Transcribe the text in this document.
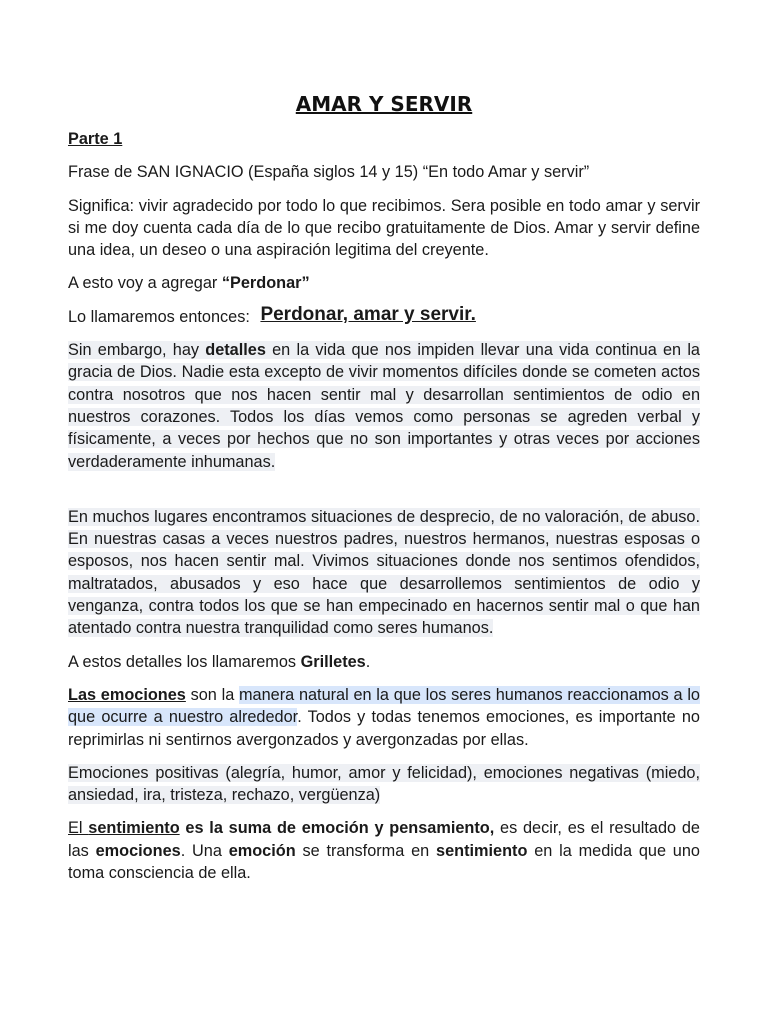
AMAR Y SERVIR

Parte 1

Frase de SAN IGNACIO (España siglos 14 y 15) “En todo Amar y servir”

Significa: vivir agradecido por todo lo que recibimos. Sera posible en todo amar y servir si me doy cuenta cada día de lo que recibo gratuitamente de Dios. Amar y servir define una idea, un deseo o una aspiración legitima del creyente.

A esto voy a agregar “Perdonar”

Lo llamaremos entonces: Perdonar, amar y servir.

Sin embargo, hay detalles en la vida que nos impiden llevar una vida continua en la gracia de Dios. Nadie esta excepto de vivir momentos difíciles donde se cometen actos contra nosotros que nos hacen sentir mal y desarrollan sentimientos de odio en nuestros corazones. Todos los días vemos como personas se agreden verbal y físicamente, a veces por hechos que no son importantes y otras veces por acciones verdaderamente inhumanas.

En muchos lugares encontramos situaciones de desprecio, de no valoración, de abuso. En nuestras casas a veces nuestros padres, nuestros hermanos, nuestras esposas o esposos, nos hacen sentir mal. Vivimos situaciones donde nos sentimos ofendidos, maltratados, abusados y eso hace que desarrollemos sentimientos de odio y venganza, contra todos los que se han empecinado en hacernos sentir mal o que han atentado contra nuestra tranquilidad como seres humanos.

A estos detalles los llamaremos Grilletes.

Las emociones son la manera natural en la que los seres humanos reaccionamos a lo que ocurre a nuestro alrededor. Todos y todas tenemos emociones, es importante no reprimirlas ni sentirnos avergonzados y avergonzadas por ellas.

Emociones positivas (alegría, humor, amor y felicidad), emociones negativas (miedo, ansiedad, ira, tristeza, rechazo, vergüenza)

El sentimiento es la suma de emoción y pensamiento, es decir, es el resultado de las emociones. Una emoción se transforma en sentimiento en la medida que uno toma consciencia de ella.
